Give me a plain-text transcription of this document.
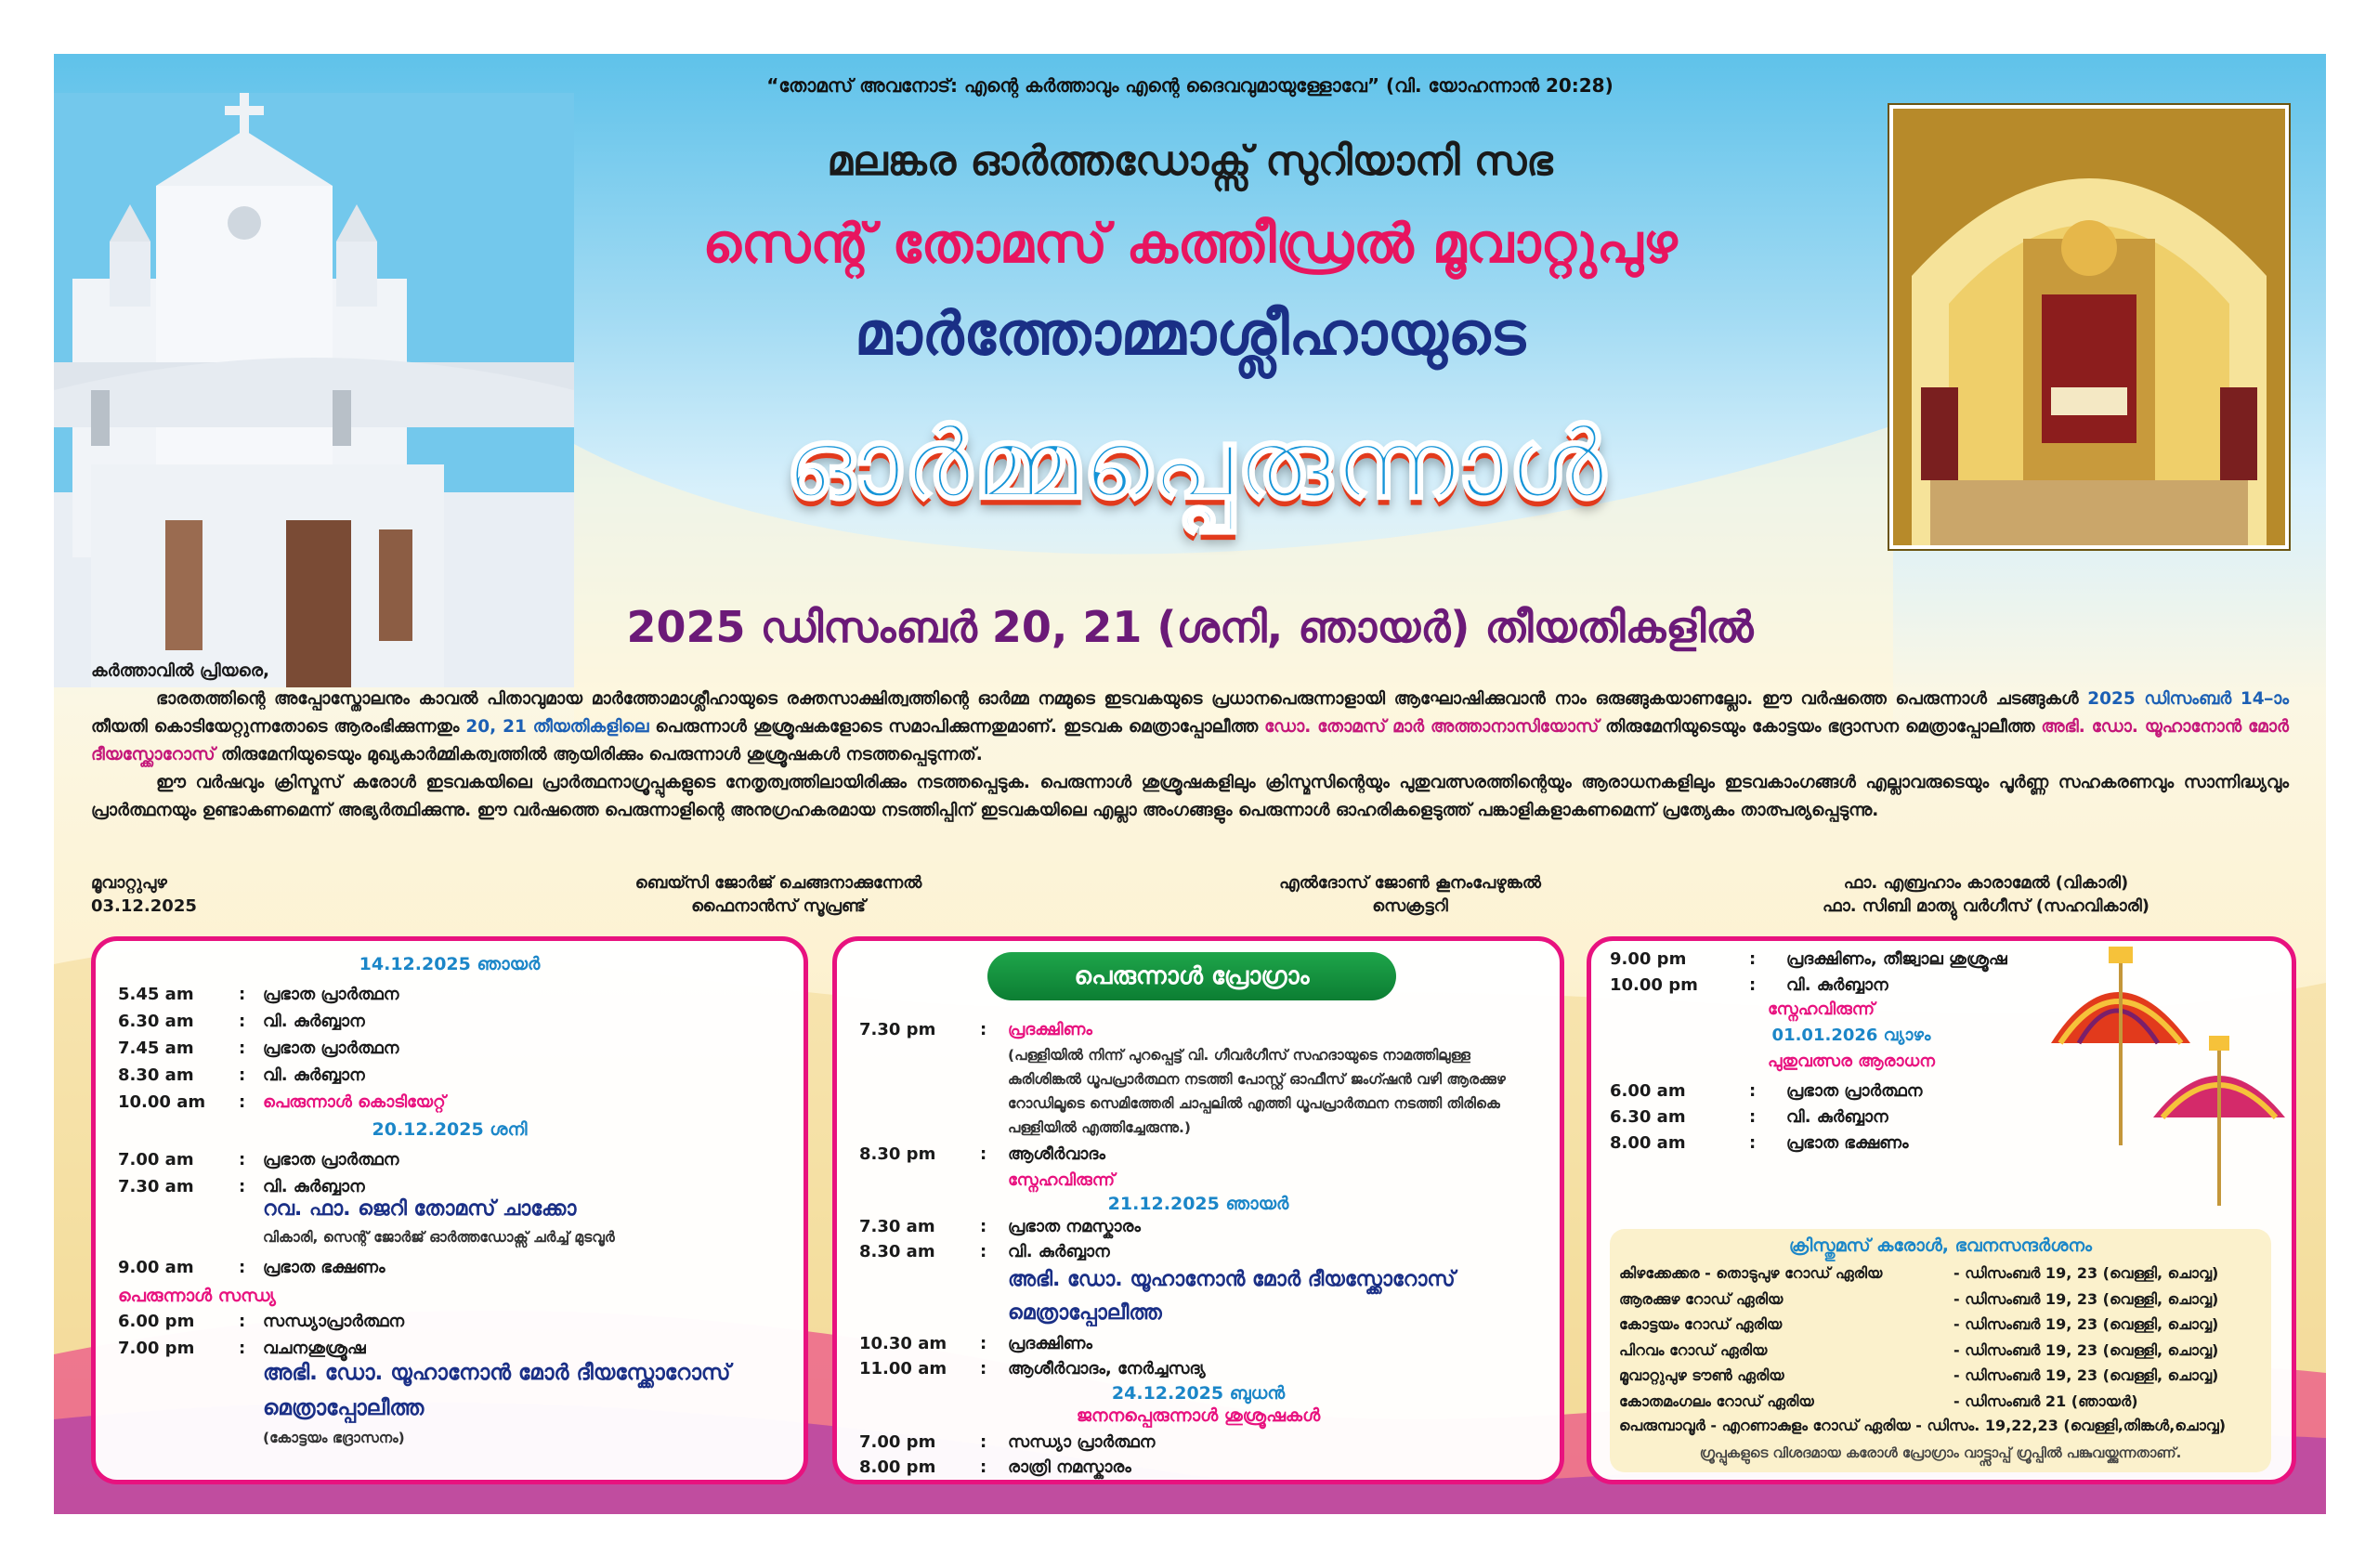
“തോമസ് അവനോട്: എന്റെ കർത്താവും എന്റെ ദൈവവുമായുള്ളോവേ” (വി. യോഹന്നാൻ 20:28)
മലങ്കര ഓർത്തഡോക്സ് സുറിയാനി സഭ
സെന്റ് തോമസ് കത്തീഡ്രൽ മൂവാറ്റുപുഴ
മാർത്തോമ്മാശ്ലീഹായുടെ
ഓർമ്മപ്പെരുന്നാൾ
2025 ഡിസംബർ 20, 21 (ശനി, ഞായർ) തീയതികളിൽ

കർത്താവിൽ പ്രിയരെ,

ഭാരതത്തിന്റെ അപ്പോസ്തോലനും കാവൽ പിതാവുമായ മാർത്തോമാശ്ലീഹായുടെ രക്തസാക്ഷിത്വത്തിന്റെ ഓർമ്മ നമ്മുടെ ഇടവകയുടെ പ്രധാനപെരുന്നാളായി ആഘോഷിക്കുവാൻ നാം ഒരുങ്ങുകയാണല്ലോ. ഈ വർഷത്തെ പെരുന്നാൾ ചടങ്ങുകൾ 2025 ഡിസംബർ 14–ാം തീയതി കൊടിയേറ്റുന്നതോടെ ആരംഭിക്കുന്നതും 20, 21 തീയതികളിലെ പെരുന്നാൾ ശുശ്രൂഷകളോടെ സമാപിക്കുന്നതുമാണ്. ഇടവക മെത്രാപ്പോലീത്ത ഡോ. തോമസ് മാർ അത്താനാസിയോസ് തിരുമേനിയുടെയും കോട്ടയം ഭദ്രാസന മെത്രാപ്പോലീത്ത അഭി. ഡോ. യൂഹാനോൻ മോർ ദീയസ്ക്കോറോസ് തിരുമേനിയുടെയും മുഖ്യകാർമ്മികത്വത്തിൽ ആയിരിക്കും പെരുന്നാൾ ശുശ്രൂഷകൾ നടത്തപ്പെടുന്നത്.

ഈ വർഷവും ക്രിസ്മസ് കരോൾ ഇടവകയിലെ പ്രാർത്ഥനാഗ്രൂപ്പുകളുടെ നേതൃത്വത്തിലായിരിക്കും നടത്തപ്പെടുക. പെരുന്നാൾ ശുശ്രൂഷകളിലും ക്രിസ്മസിന്റെയും പുതുവത്സരത്തിന്റെയും ആരാധനകളിലും ഇടവകാംഗങ്ങൾ എല്ലാവരുടെയും പൂർണ്ണ സഹകരണവും സാന്നിദ്ധ്യവും പ്രാർത്ഥനയും ഉണ്ടാകണമെന്ന് അഭ്യർത്ഥിക്കുന്നു. ഈ വർഷത്തെ പെരുന്നാളിന്റെ അനുഗ്രഹകരമായ നടത്തിപ്പിന് ഇടവകയിലെ എല്ലാ അംഗങ്ങളും പെരുന്നാൾ ഓഹരികളെടുത്ത് പങ്കാളികളാകണമെന്ന് പ്രത്യേകം താത്പര്യപ്പെടുന്നു.

മൂവാറ്റുപുഴ
03.12.2025
ബെയ്സി ജോർജ് ചെങ്ങനാക്കുന്നേൽ
ഫൈനാൻസ് സൂപ്രണ്ട്
എൽദോസ് ജോൺ കൂനംപേഴുങ്കൽ
സെക്രട്ടറി
ഫാ. എബ്രഹാം കാരാമേൽ (വികാരി)
ഫാ. സിബി മാത്യു വർഗീസ് (സഹവികാരി)
14.12.2025 ഞായർ
5.45 am	: പ്രഭാത പ്രാർത്ഥന
6.30 am	: വി. കുർബ്ബാന
7.45 am	: പ്രഭാത പ്രാർത്ഥന
8.30 am	: വി. കുർബ്ബാന
10.00 am : പെരുന്നാൾ കൊടിയേറ്റ്
20.12.2025 ശനി
7.00 am	: പ്രഭാത പ്രാർത്ഥന
7.30 am	: വി. കുർബ്ബാന
റവ. ഫാ. ജെറി തോമസ് ചാക്കോ
വികാരി, സെന്റ് ജോർജ് ഓർത്തഡോക്സ് ചർച്ച് മുടവൂർ
9.00 am	: പ്രഭാത ഭക്ഷണം
പെരുന്നാൾ സന്ധ്യ
6.00 pm	: സന്ധ്യാപ്രാർത്ഥന
7.00 pm	: വചനശുശ്രൂഷ
അഭി. ഡോ. യൂഹാനോൻ മോർ ദീയസ്ക്കോറോസ്
മെത്രാപ്പോലീത്ത
(കോട്ടയം ഭദ്രാസനം)
പെരുന്നാൾ പ്രോഗ്രാം
7.30 pm	: പ്രദക്ഷിണം
(പള്ളിയിൽ നിന്ന് പുറപ്പെട്ട് വി. ഗീവർഗീസ് സഹദായുടെ നാമത്തിലുള്ള കുരിശിങ്കൽ ധൂപപ്രാർത്ഥന നടത്തി പോസ്റ്റ് ഓഫീസ് ജംഗ്ഷൻ വഴി ആരക്കുഴ റോഡിലൂടെ സെമിത്തേരി ചാപ്പലിൽ എത്തി ധൂപപ്രാർത്ഥന നടത്തി തിരികെ പള്ളിയിൽ എത്തിച്ചേരുന്നു.)
8.30 pm	: ആശീർവാദം
സ്നേഹവിരുന്ന്
21.12.2025 ഞായർ
7.30 am	: പ്രഭാത നമസ്കാരം
8.30 am	: വി. കുർബ്ബാന
അഭി. ഡോ. യൂഹാനോൻ മോർ ദീയസ്ക്കോറോസ്
മെത്രാപ്പോലീത്ത
10.30 am : പ്രദക്ഷിണം
11.00 am : ആശീർവാദം, നേർച്ചസദ്യ
24.12.2025 ബുധൻ
ജനനപ്പെരുന്നാൾ ശുശ്രൂഷകൾ
7.00 pm	: സന്ധ്യാ പ്രാർത്ഥന
8.00 pm	: രാത്രി നമസ്കാരം
9.00 pm	: പ്രദക്ഷിണം, തീജ്വാല ശുശ്രൂഷ
10.00 pm	: വി. കുർബ്ബാന
സ്നേഹവിരുന്ന്
01.01.2026 വ്യാഴം
പുതുവത്സര ആരാധന
6.00 am	: പ്രഭാത പ്രാർത്ഥന
6.30 am	: വി. കുർബ്ബാന
8.00 am	: പ്രഭാത ഭക്ഷണം
ക്രിസ്തുമസ് കരോൾ, ഭവനസന്ദർശനം
കിഴക്കേക്കര - തൊടുപുഴ റോഡ് ഏരിയ	- ഡിസംബർ 19, 23 (വെള്ളി, ചൊവ്വ)
ആരക്കുഴ റോഡ് ഏരിയ	- ഡിസംബർ 19, 23 (വെള്ളി, ചൊവ്വ)
കോട്ടയം റോഡ് ഏരിയ	- ഡിസംബർ 19, 23 (വെള്ളി, ചൊവ്വ)
പിറവം റോഡ് ഏരിയ	- ഡിസംബർ 19, 23 (വെള്ളി, ചൊവ്വ)
മൂവാറ്റുപുഴ ടൗൺ ഏരിയ	- ഡിസംബർ 19, 23 (വെള്ളി, ചൊവ്വ)
കോതമംഗലം റോഡ് ഏരിയ	- ഡിസംബർ 21 (ഞായർ)
പെരുമ്പാവൂർ - എറണാകുളം റോഡ് ഏരിയ - ഡിസം. 19,22,23 (വെള്ളി,തിങ്കൾ,ചൊവ്വ)
ഗ്രൂപ്പുകളുടെ വിശദമായ കരോൾ പ്രോഗ്രാം വാട്ട്സാപ്പ് ഗ്രൂപ്പിൽ പങ്കുവയ്ക്കുന്നതാണ്.
